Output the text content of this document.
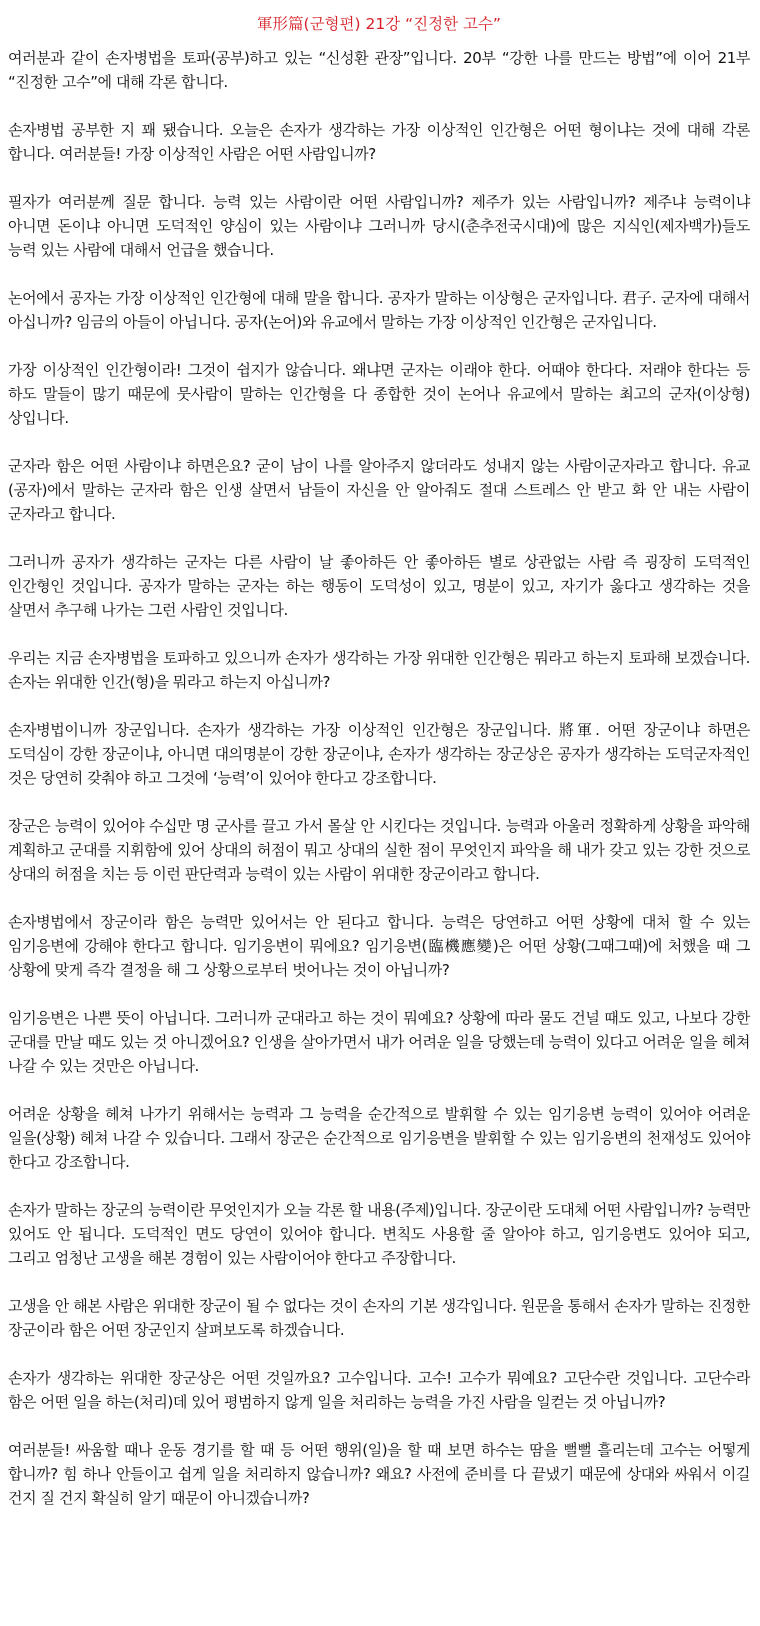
軍形篇(군형편) 21강 “진정한 고수”

여러분과 같이 손자병법을 토파(공부)하고 있는 “신성환 관장”입니다. 20부 “강한 나를 만드는 방법”에 이어 21부 “진정한 고수”에 대해 각론 합니다.

손자병법 공부한 지 꽤 됐습니다. 오늘은 손자가 생각하는 가장 이상적인 인간형은 어떤 형이냐는 것에 대해 각론 합니다. 여러분들! 가장 이상적인 사람은 어떤 사람입니까?

필자가 여러분께 질문 합니다. 능력 있는 사람이란 어떤 사람입니까? 제주가 있는 사람입니까? 제주냐 능력이냐 아니면 돈이냐 아니면 도덕적인 양심이 있는 사람이냐 그러니까 당시(춘추전국시대)에 많은 지식인(제자백가)들도 능력 있는 사람에 대해서 언급을 했습니다.

논어에서 공자는 가장 이상적인 인간형에 대해 말을 합니다. 공자가 말하는 이상형은 군자입니다. 君子. 군자에 대해서 아십니까? 임금의 아들이 아닙니다. 공자(논어)와 유교에서 말하는 가장 이상적인 인간형은 군자입니다.

가장 이상적인 인간형이라! 그것이 쉽지가 않습니다. 왜냐면 군자는 이래야 한다. 어때야 한다다. 저래야 한다는 등 하도 말들이 많기 때문에 뭇사람이 말하는 인간형을 다 종합한 것이 논어나 유교에서 말하는 최고의 군자(이상형)상입니다.

군자라 함은 어떤 사람이냐 하면은요? 굳이 남이 나를 알아주지 않더라도 성내지 않는 사람이군자라고 합니다. 유교(공자)에서 말하는 군자라 함은 인생 살면서 남들이 자신을 안 알아줘도 절대 스트레스 안 받고 화 안 내는 사람이 군자라고 합니다.

그러니까 공자가 생각하는 군자는 다른 사람이 날 좋아하든 안 좋아하든 별로 상관없는 사람 즉 굉장히 도덕적인 인간형인 것입니다. 공자가 말하는 군자는 하는 행동이 도덕성이 있고, 명분이 있고, 자기가 옳다고 생각하는 것을 살면서 추구해 나가는 그런 사람인 것입니다.

우리는 지금 손자병법을 토파하고 있으니까 손자가 생각하는 가장 위대한 인간형은 뭐라고 하는지 토파해 보겠습니다. 손자는 위대한 인간(형)을 뭐라고 하는지 아십니까?

손자병법이니까 장군입니다. 손자가 생각하는 가장 이상적인 인간형은 장군입니다. 將軍. 어떤 장군이냐 하면은 도덕심이 강한 장군이냐, 아니면 대의명분이 강한 장군이냐, 손자가 생각하는 장군상은 공자가 생각하는 도덕군자적인 것은 당연히 갖춰야 하고 그것에 ‘능력’이 있어야 한다고 강조합니다.

장군은 능력이 있어야 수십만 명 군사를 끌고 가서 몰살 안 시킨다는 것입니다. 능력과 아울러 정확하게 상황을 파악해 계획하고 군대를 지휘함에 있어 상대의 허점이 뭐고 상대의 실한 점이 무엇인지 파악을 해 내가 갖고 있는 강한 것으로 상대의 허점을 치는 등 이런 판단력과 능력이 있는 사람이 위대한 장군이라고 합니다.

손자병법에서 장군이라 함은 능력만 있어서는 안 된다고 합니다. 능력은 당연하고 어떤 상황에 대처 할 수 있는 임기응변에 강해야 한다고 합니다. 임기응변이 뭐에요? 임기응변(臨機應變)은 어떤 상황(그때그때)에 처했을 때 그 상황에 맞게 즉각 결정을 해 그 상황으로부터 벗어나는 것이 아닙니까?

임기응변은 나쁜 뜻이 아닙니다. 그러니까 군대라고 하는 것이 뭐예요? 상황에 따라 물도 건널 때도 있고, 나보다 강한 군대를 만날 때도 있는 것 아니겠어요? 인생을 살아가면서 내가 어려운 일을 당했는데 능력이 있다고 어려운 일을 헤쳐 나갈 수 있는 것만은 아닙니다.

어려운 상황을 헤쳐 나가기 위해서는 능력과 그 능력을 순간적으로 발휘할 수 있는 임기응변 능력이 있어야 어려운 일을(상황) 헤쳐 나갈 수 있습니다. 그래서 장군은 순간적으로 임기응변을 발휘할 수 있는 임기응변의 천재성도 있어야 한다고 강조합니다.

손자가 말하는 장군의 능력이란 무엇인지가 오늘 각론 할 내용(주제)입니다. 장군이란 도대체 어떤 사람입니까? 능력만 있어도 안 됩니다. 도덕적인 면도 당연이 있어야 합니다. 변칙도 사용할 줄 알아야 하고, 임기응변도 있어야 되고, 그리고 엄청난 고생을 해본 경험이 있는 사람이어야 한다고 주장합니다.

고생을 안 해본 사람은 위대한 장군이 될 수 없다는 것이 손자의 기본 생각입니다. 원문을 통해서 손자가 말하는 진정한 장군이라 함은 어떤 장군인지 살펴보도록 하겠습니다.

손자가 생각하는 위대한 장군상은 어떤 것일까요? 고수입니다. 고수! 고수가 뭐예요? 고단수란 것입니다. 고단수라 함은 어떤 일을 하는(처리)데 있어 평범하지 않게 일을 처리하는 능력을 가진 사람을 일컫는 것 아닙니까?

여러분들! 싸움할 때나 운동 경기를 할 때 등 어떤 행위(일)을 할 때 보면 하수는 땀을 뻘뻘 흘리는데 고수는 어떻게 합니까? 힘 하나 안들이고 쉽게 일을 처리하지 않습니까? 왜요? 사전에 준비를 다 끝냈기 때문에 상대와 싸워서 이길 건지 질 건지 확실히 알기 때문이 아니겠습니까?
